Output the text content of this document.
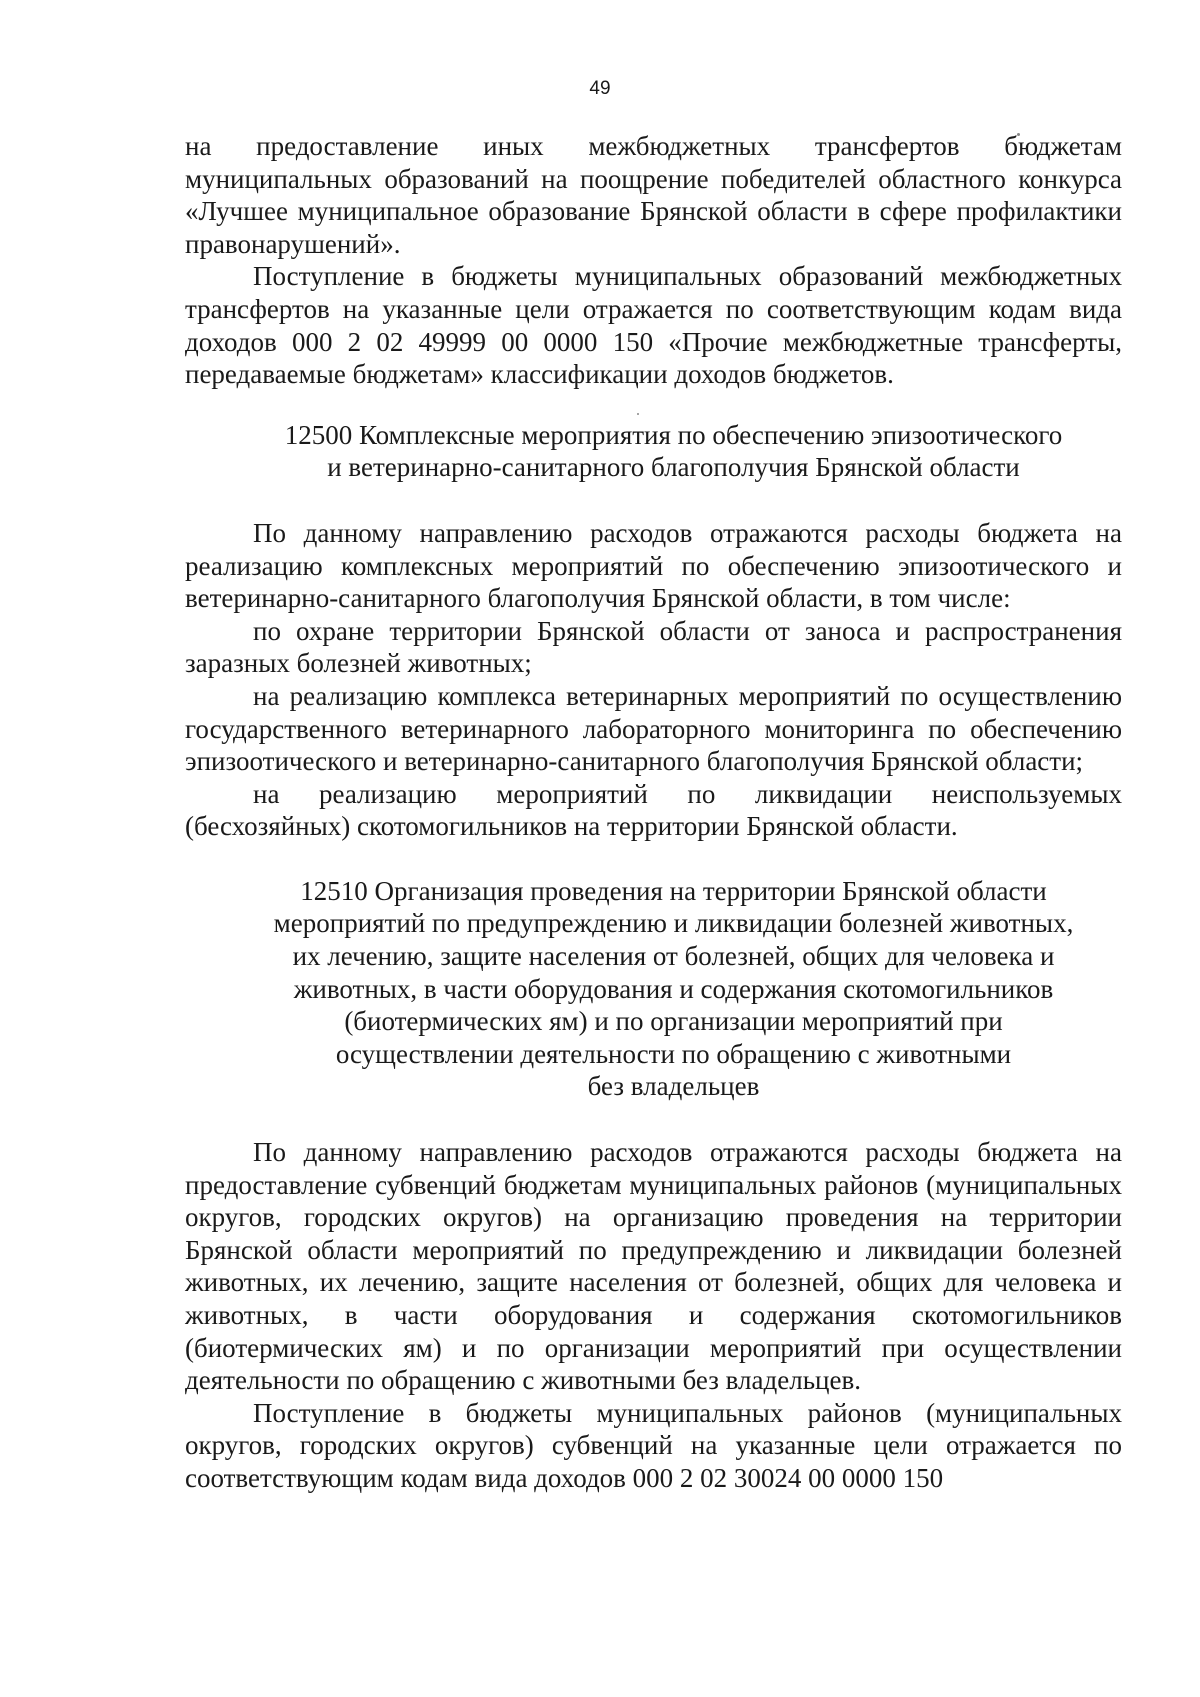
49

на предоставление иных межбюджетных трансфертов бюджетам муниципальных образований на поощрение победителей областного конкурса «Лучшее муниципальное образование Брянской области в сфере профилактики правонарушений».

Поступление в бюджеты муниципальных образований межбюджетных трансфертов на указанные цели отражается по соответствующим кодам вида доходов 000 2 02 49999 00 0000 150 «Прочие межбюджетные трансферты, передаваемые бюджетам» классификации доходов бюджетов.

12500 Комплексные мероприятия по обеспечению эпизоотического
и ветеринарно-санитарного благополучия Брянской области

По данному направлению расходов отражаются расходы бюджета на реализацию комплексных мероприятий по обеспечению эпизоотического и ветеринарно-санитарного благополучия Брянской области, в том числе:

по охране территории Брянской области от заноса и распространения заразных болезней животных;

на реализацию комплекса ветеринарных мероприятий по осуществлению государственного ветеринарного лабораторного мониторинга по обеспечению эпизоотического и ветеринарно-санитарного благополучия Брянской области;

на реализацию мероприятий по ликвидации неиспользуемых (бесхозяйных) скотомогильников на территории Брянской области.

12510 Организация проведения на территории Брянской области
мероприятий по предупреждению и ликвидации болезней животных,
их лечению, защите населения от болезней, общих для человека и
животных, в части оборудования и содержания скотомогильников
(биотермических ям) и по организации мероприятий при
осуществлении деятельности по обращению с животными
без владельцев

По данному направлению расходов отражаются расходы бюджета на предоставление субвенций бюджетам муниципальных районов (муниципальных округов, городских округов) на организацию проведения на территории Брянской области мероприятий по предупреждению и ликвидации болезней животных, их лечению, защите населения от болезней, общих для человека и животных, в части оборудования и содержания скотомогильников (биотермических ям) и по организации мероприятий при осуществлении деятельности по обращению с животными без владельцев.

Поступление в бюджеты муниципальных районов (муниципальных округов, городских округов) субвенций на указанные цели отражается по соответствующим кодам вида доходов 000 2 02 30024 00 0000 150
